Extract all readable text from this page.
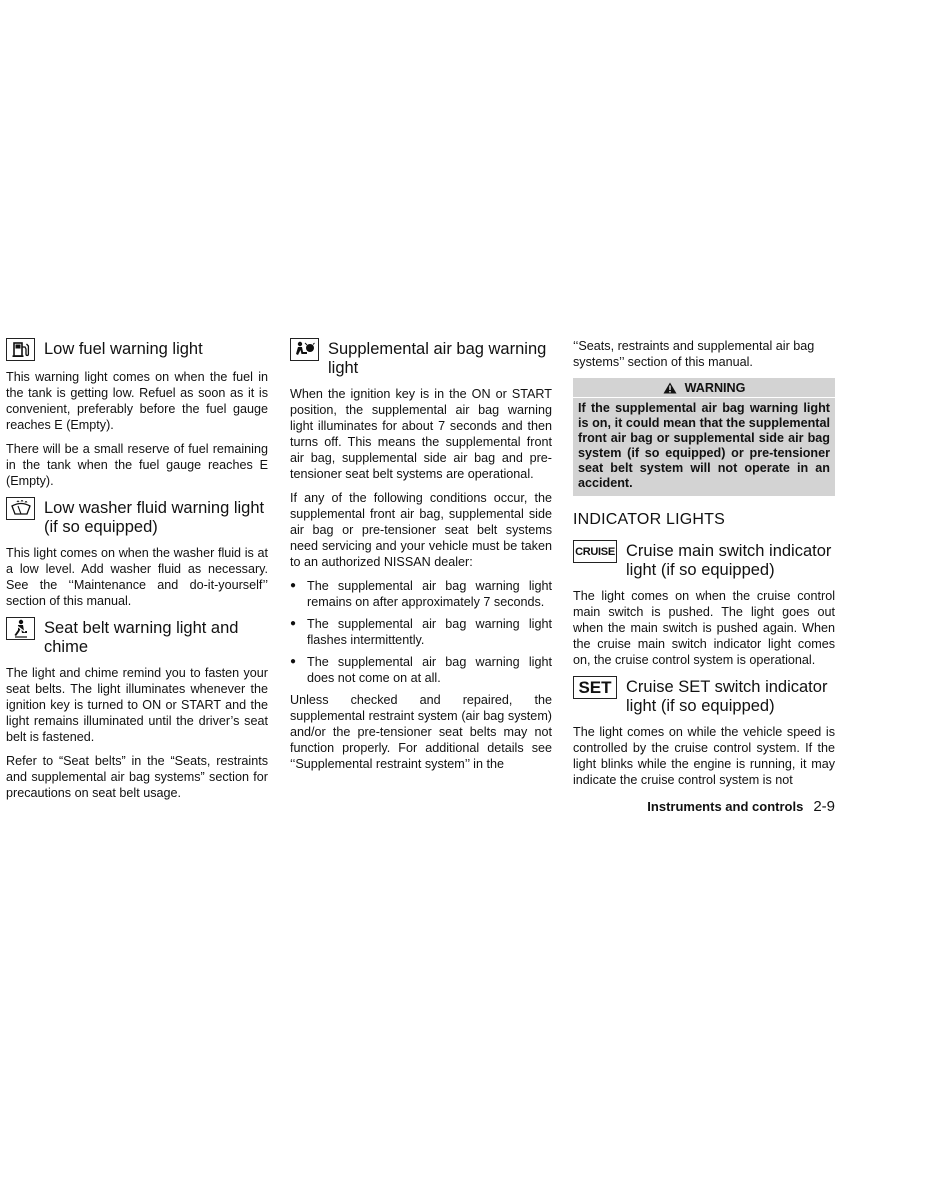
Low fuel warning light

This warning light comes on when the fuel in the tank is getting low. Refuel as soon as it is convenient, preferably before the fuel gauge reaches E (Empty).

There will be a small reserve of fuel remaining in the tank when the fuel gauge reaches E (Empty).

Low washer fluid warning light (if so equipped)

This light comes on when the washer fluid is at a low level. Add washer fluid as necessary. See the ‘‘Maintenance and do-it-yourself’’ section of this manual.

Seat belt warning light and chime

The light and chime remind you to fasten your seat belts. The light illuminates whenever the ignition key is turned to ON or START and the light remains illuminated until the driver’s seat belt is fastened.

Refer to “Seat belts” in the “Seats, restraints and supplemental air bag systems” section for precautions on seat belt usage.

Supplemental air bag warning light

When the ignition key is in the ON or START position, the supplemental air bag warning light illuminates for about 7 seconds and then turns off. This means the supplemental front air bag, supplemental side air bag and pre-tensioner seat belt systems are operational.

If any of the following conditions occur, the supplemental front air bag, supplemental side air bag or pre-tensioner seat belt systems need servicing and your vehicle must be taken to an authorized NISSAN dealer:

● The supplemental air bag warning light remains on after approximately 7 seconds.
● The supplemental air bag warning light flashes intermittently.
● The supplemental air bag warning light does not come on at all.

Unless checked and repaired, the supplemental restraint system (air bag system) and/or the pre-tensioner seat belts may not function properly. For additional details see ‘‘Supplemental restraint system’’ in the

‘‘Seats, restraints and supplemental air bag systems’’ section of this manual.

WARNING
If the supplemental air bag warning light is on, it could mean that the supplemental front air bag or supplemental side air bag system (if so equipped) or pre-tensioner seat belt system will not operate in an accident.
INDICATOR LIGHTS
CRUISE Cruise main switch indicator light (if so equipped)

The light comes on when the cruise control main switch is pushed. The light goes out when the main switch is pushed again. When the cruise main switch indicator light comes on, the cruise control system is operational.

SET Cruise SET switch indicator light (if so equipped)

The light comes on while the vehicle speed is controlled by the cruise control system. If the light blinks while the engine is running, it may indicate the cruise control system is not

Instruments and controls 2-9
